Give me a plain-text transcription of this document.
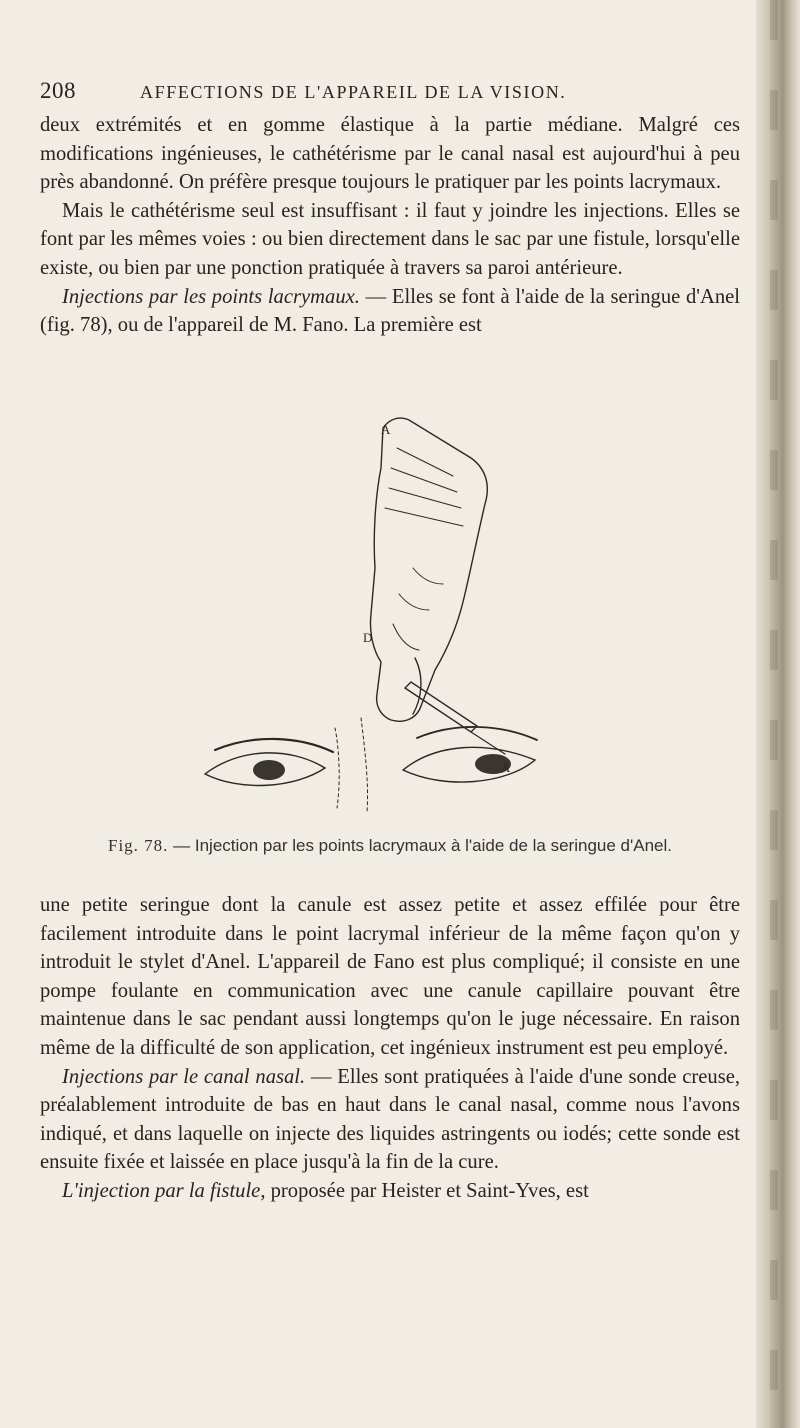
208	AFFECTIONS DE L'APPAREIL DE LA VISION.

deux extrémités et en gomme élastique à la partie médiane. Malgré ces modifications ingénieuses, le cathétérisme par le canal nasal est aujourd'hui à peu près abandonné. On préfère presque toujours le pratiquer par les points lacrymaux.

Mais le cathétérisme seul est insuffisant : il faut y joindre les injections. Elles se font par les mêmes voies : ou bien directement dans le sac par une fistule, lorsqu'elle existe, ou bien par une ponction pratiquée à travers sa paroi antérieure.

Injections par les points lacrymaux. — Elles se font à l'aide de la seringue d'Anel (fig. 78), ou de l'appareil de M. Fano. La première est

A
D
A
Fig. 78. — Injection par les points lacrymaux à l'aide de la seringue d'Anel.

une petite seringue dont la canule est assez petite et assez effilée pour être facilement introduite dans le point lacrymal inférieur de la même façon qu'on y introduit le stylet d'Anel. L'appareil de Fano est plus compliqué; il consiste en une pompe foulante en communication avec une canule capillaire pouvant être maintenue dans le sac pendant aussi longtemps qu'on le juge nécessaire. En raison même de la difficulté de son application, cet ingénieux instrument est peu employé.

Injections par le canal nasal. — Elles sont pratiquées à l'aide d'une sonde creuse, préalablement introduite de bas en haut dans le canal nasal, comme nous l'avons indiqué, et dans laquelle on injecte des liquides astringents ou iodés; cette sonde est ensuite fixée et laissée en place jusqu'à la fin de la cure.

L'injection par la fistule, proposée par Heister et Saint-Yves, est
